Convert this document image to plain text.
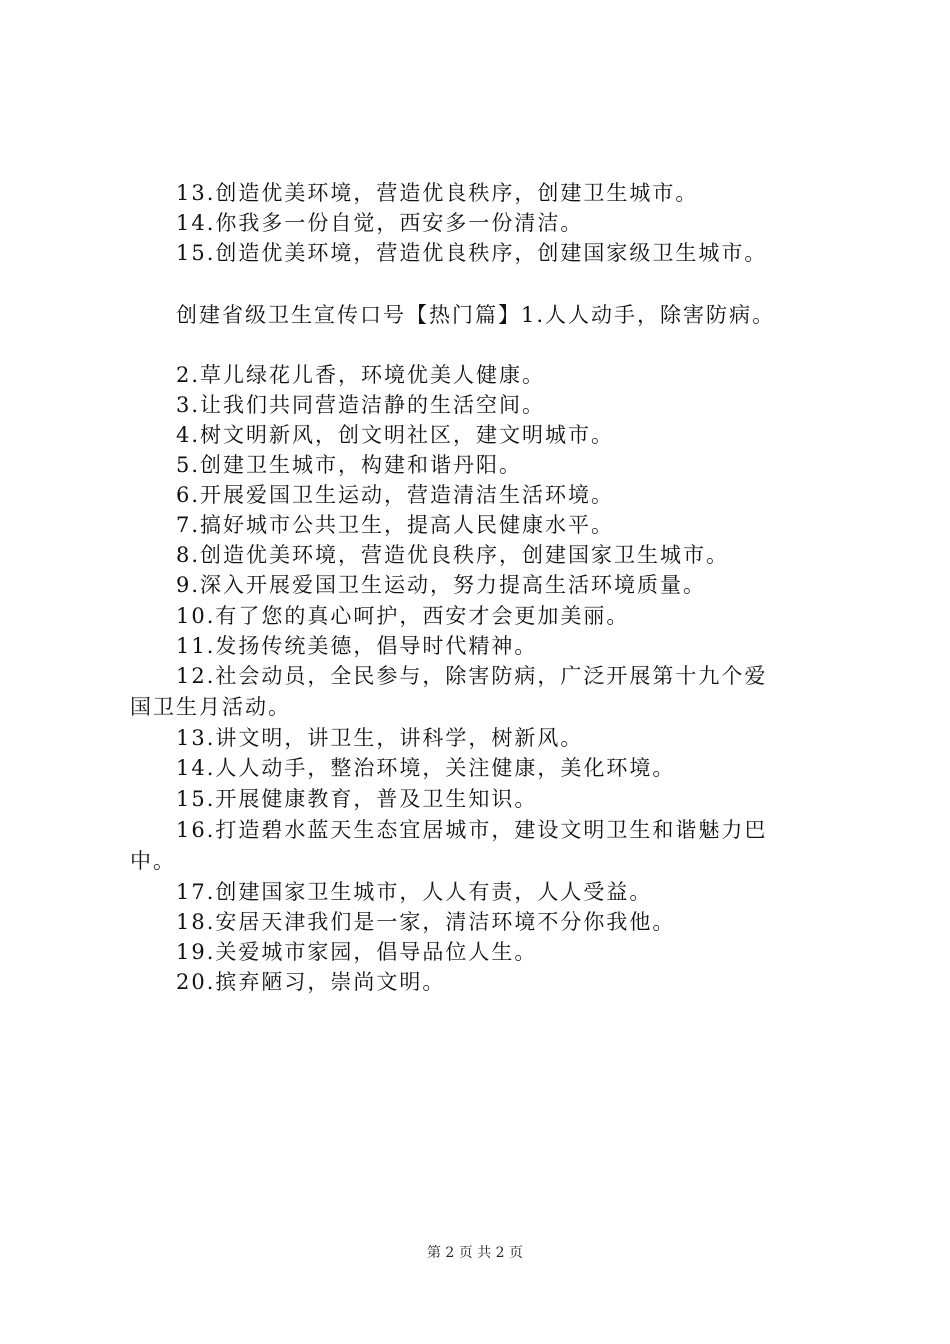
13.创造优美环境，营造优良秩序，创建卫生城市。
14.你我多一份自觉，西安多一份清洁。
15.创造优美环境，营造优良秩序，创建国家级卫生城市。
创建省级卫生宣传口号【热门篇】1.人人动手，除害防病。
2.草儿绿花儿香，环境优美人健康。
3.让我们共同营造洁静的生活空间。
4.树文明新风，创文明社区，建文明城市。
5.创建卫生城市，构建和谐丹阳。
6.开展爱国卫生运动，营造清洁生活环境。
7.搞好城市公共卫生，提高人民健康水平。
8.创造优美环境，营造优良秩序，创建国家卫生城市。
9.深入开展爱国卫生运动，努力提高生活环境质量。
10.有了您的真心呵护，西安才会更加美丽。
11.发扬传统美德，倡导时代精神。
12.社会动员，全民参与，除害防病，广泛开展第十九个爱
国卫生月活动。
13.讲文明，讲卫生，讲科学，树新风。
14.人人动手，整治环境，关注健康，美化环境。
15.开展健康教育，普及卫生知识。
16.打造碧水蓝天生态宜居城市，建设文明卫生和谐魅力巴
中。
17.创建国家卫生城市，人人有责，人人受益。
18.安居天津我们是一家，清洁环境不分你我他。
19.关爱城市家园，倡导品位人生。
20.摈弃陋习，崇尚文明。
第 2 页 共 2 页
